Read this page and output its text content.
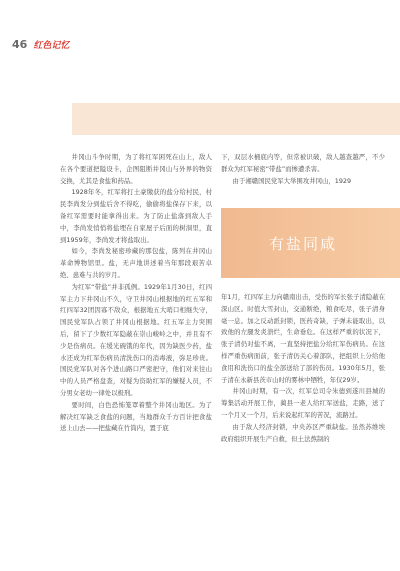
46 红色记忆

井冈山斗争时期，为了将红军困死在山上，敌人在各个要道把隘设卡，企图阻断井冈山与外界的物资交换，尤其是食盐和药品。

1928年冬，红军将打土豪缴获的盐分给村民，村民李尚发分到盐后舍不得吃，偷偷将盐保存下来，以备红军需要时能拿得出来。为了防止盐落到敌人手中，李尚发悄悄将盐埋在自家屋子后面的树洞里，直到1959年，李尚发才将盐取出。

如今，李尚发秘密珍藏的那包盐，陈列在井冈山革命博物馆里。盐，无声地讲述着当年那段艰苦卓绝、患难与共的岁月。

为红军“带盐”并非孤例。1929年1月30日，红四军主力下井冈山不久，守卫井冈山根据地的红五军和红四军32团因寡不敌众，根据地五大哨口相继失守，国民党军队占领了井冈山根据地。红五军主力突围后，留下了少数红军隐蔽在崇山峻岭之中，并且有不少是伤病员。在缓光碗饿的年代，因为缺医少药，盐水还成为红军伤病员清洗伤口的消毒液，弥足珍贵。国民党军队对各个进山路口严密把守，他们对来往山中的人员严格盘查，对疑为资助红军的嫌疑人员，不分男女老幼一律处以极刑。

要时间，白色恐怖笼罩着整个井冈山地区。为了解决红军缺乏食盐的问题，当地群众千方百计把食盐送上山去——把盐藏在竹筒内，置于底

下，双层水桶底内等，但常被识破，敌人越查越严，不少群众为红军秘密“带盐”而惨遭杀害。

由于湘赣国民党军大举围攻井冈山，1929

有盐同咸

年1月，红四军主力向赣南出击，受伤的军长张子清隐蔽在深山区。时值大雪封山，交通断绝，粮食吃尽，张子清身毫一息。加之反动派封锁，医药奇缺，子弹未能取出，以致他的左腿发炎溃烂，生命垂危。在这样严重的状况下，张子清仍对盐不离，一直坚持把盐分给红军伤病员。在这样严重伤病面前，张子清仍关心着部队，把组织上分给他食用和洗伤口的盐全部送给了部的伤员。1930年5月，张子清在永新县茨市山时的雾林中牺牲，年仅29岁。

井冈山时期，有一次，红军总司令朱德到遂川县城的筹集活动开展工作，蔺县一老人给红军送盐，走路，送了一个月又一个月，后来说起红军的苦况，流路过。

由于敌人经济封锁，中央苏区严重缺盐。虽然苏维埃政府组织开展生产自救，但土法熬制的
